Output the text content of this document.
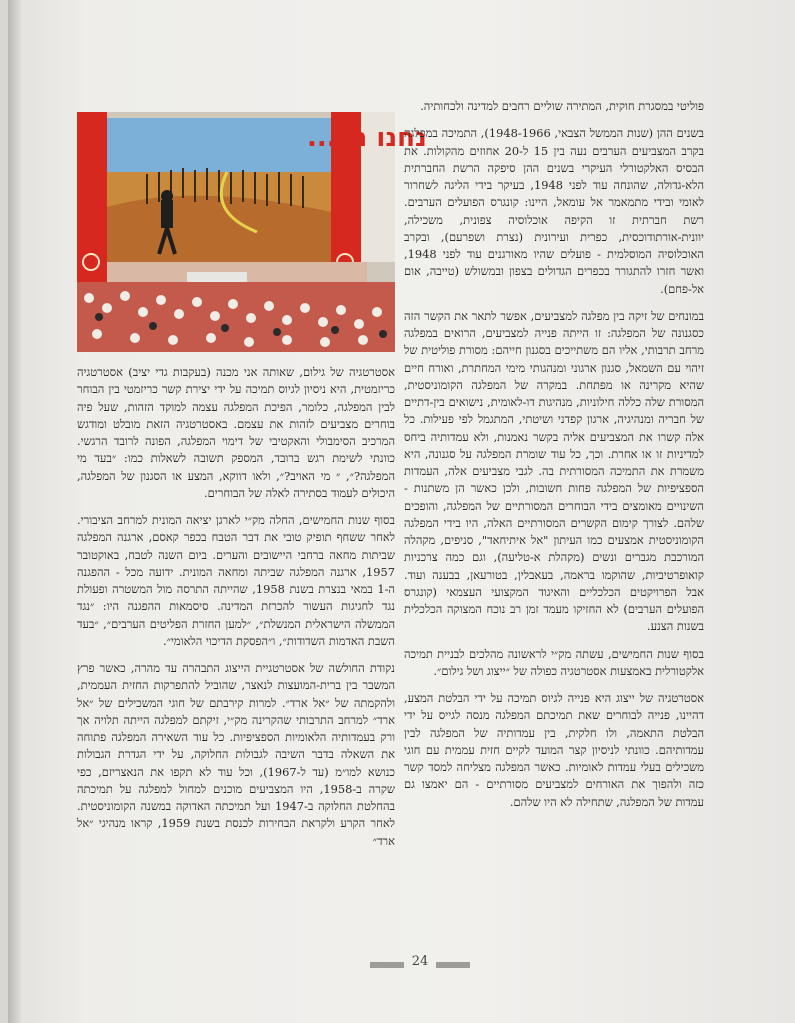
נחנו נא...

פוליטי במסגרת חוקית, המתירה שוליים רחבים למדינה ולכחותיה.

בשנים ההן (שנות הממשל הצבאי, 1948-1966), התמיכה במפלגה בקרב המצביעים הערבים נעה בין 15 ל-20 אחוזים מהקולות. את הבסיס האלקטורלי העיקרי בשנים ההן סיפקה הרשת החברתית הלא-גדולה, שהונחה עוד לפני 1948, בעיקר בידי הליגה לשחרור לאומי ובידי מתמאמר אל עומאל, היינו: קונגרס הפועלים הערבים. רשת חברתית זו הקיפה אוכלוסיה צפונית, משכילה, יוונית-אורתודוכסית, כפרית ועירונית (נצרת ושפרעם), ובקרב האוכלוסיה המוסלמית - פועלים שהיו מאורגנים עוד לפני 1948, ואשר חזרו להתגורר בכפרים הגדולים בצפון ובמשולש (טייבה, אום אל-פחם).

במונחים של זיקה בין מפלגה למצביעים, אפשר לתאר את הקשר הזה כסגנונה של המפלגה: זו הייתה פנייה למצביעים, הרואים במפלגה מרחב תרבותי, אליו הם משתייכים בסגנון חייהם: מסורת פוליטית של זיהוי עם השמאל, סגנון ארגוני ומנהגותי מימי המחתרת, ואורח חיים שהיא מקרינה או מפתחת. במקרה של המפלגה הקומוניסטית, המסורת שלה כללה חילוניות, מנהיגות דו-לאומית, נישואים בין-דתיים של חבריה ומנהיגיה, ארגון קפדני ושיטתי, המתגמל לפי פעילות. כל אלה קשרו את המצביעים אליה בקשר נאמנות, ולא עמדותיה ביחס למדיניות זו או אחרת. וכך, כל עוד שומרת המפלגה על סגנונה, היא משמרת את התמיכה המסורתית בה. לגבי מצביעים אלה, העמדות הספציפיות של המפלגה פחות חשובות, ולכן כאשר הן משתנות - השינויים מאומצים בידי הבוחרים המסורתיים של המפלגה, והופכים שלהם. לצורך קימום הקשרים המסורתיים האלה, היו בידי המפלגה הקומוניסטית אמצעים כמו העיתון "אל איתיחאד", סניפים, מקהלה המורכבת מגברים ונשים (מקהלת א-טליעה), וגם כמה צרכניות קואופרטיביות, שהוקמו בראמה, בעאבלין, בטורעאן, בבענה ועוד. אבל הפרויקטים הכלכליים והאיגוד המקצועי העצמאי (קונגרס הפועלים הערבים) לא החזיקו מעמד זמן רב נוכח המצוקה הכלכלית בשנות הצנע.

בסוף שנות החמישים, עשתה מק״י לראשונה מהלכים לבניית תמיכה אלקטורלית באמצעות אסטרטגיה כפולה של ״ייצוג ושל גילום״.

אסטרטגיה של ייצוג היא פנייה לגיוס תמיכה על ידי הבלטת המצע, דהיינו, פנייה לבוחרים שאת תמיכתם המפלגה מנסה לגייס על ידי הבלטת התאמה, ולו חלקית, בין עמדותיה של המפלגה לבין עמדותיהם. כוונתי לניסיון קצר המועד לקיים חזית עממית עם חוגי משכילים בעלי עמדות לאומיות. כאשר המפלגה מצליחה למסד קשר כזה ולהפוך את האורחים למצביעים מסורתיים - הם יאמצו גם עמדות של המפלגה, שתחילה לא היו שלהם.

אסטרטגיה של גילום, שאותה אני מכנה (בעקבות גדי יציב) אסטרטגיה כריזמטית, היא ניסיון לגיוס תמיכה על ידי יצירת קשר כריזמטי בין הבוחר לבין המפלגה, כלומר, הפיכת המפלגה עצמה למוקד הזהות, שעל פיה בוחרים מצביעים לזהות את עצמם. באסטרטגיה הזאת מובלט ומודגש המרכיב הסימבולי והאקטיבי של דימוי המפלגה, הפונה לרובד הרגשי. כוונתי לשימת רגש ברובד, המספק תשובה לשאלות כמו: ״בעד מי המפלגה?״, ״ מי האויב?״, ולאו דווקא, המצע או הסגנון של המפלגה, היכולים לעמוד בסתירה לאלה של הבוחרים.

בסוף שנות החמישים, החלה מק״י לארגן יציאה המונית למרחב הציבורי. לאחר ששחף תופיק טובי את דבר הטבח בכפר קאסם, ארגנה המפלגה שביתות מחאה ברחבי היישובים והערים. ביום השנה לטבח, באוקטובר 1957, ארגנה המפלגה שביתה ומחאה המונית. ידועה מכל - ההפגנה ה-1 במאי בנצרת בשנת 1958, שהייתה התרסה מול המשטרה ופעולת נגד לחגיגות העשור להכרזת המדינה. סיסמאות ההפגנה היו: ״נגד הממשלה הישראלית המנשלת״, ״למען החזרת הפליטים הערבים״, ״בעד השבת האדמות השדודות״, ו״הפסקת הדיכוי הלאומי״.

נקודת החולשה של אסטרטגיית הייצוג התבהרה עד מהרה, כאשר פרץ המשבר בין ברית-המועצות לנאצר, שהוביל להתפרקות החזית העממית, ולהקמתה של ״אל ארד״. למרות קירבתם של חוגי המשכילים של ״אל ארד״ למרחב התרבותי שהקרינה מק״י, זיקתם למפלגה הייתה תלויה אך ורק בעמדותיה הלאומיות הספציפיות. כל עוד השאירה המפלגה פתוחה את השאלה בדבר השיבה לגבולות החלוקה, על ידי הגדרת הגבולות כנושא למו״מ (עד ל-1967), וכל עוד לא תקפו את הנאצריזם, כפי שקרה ב-1958, היו המצביעים מוכנים למחול למפלגה על תמיכתה בהחלטת החלוקה ב-1947 ועל תמיכתה האדוקה במשנה הקומוניסטית. לאחר הקרע ולקראת הבחירות לכנסת בשנת 1959, קראו מנהיגי ״אל ארד״

24
